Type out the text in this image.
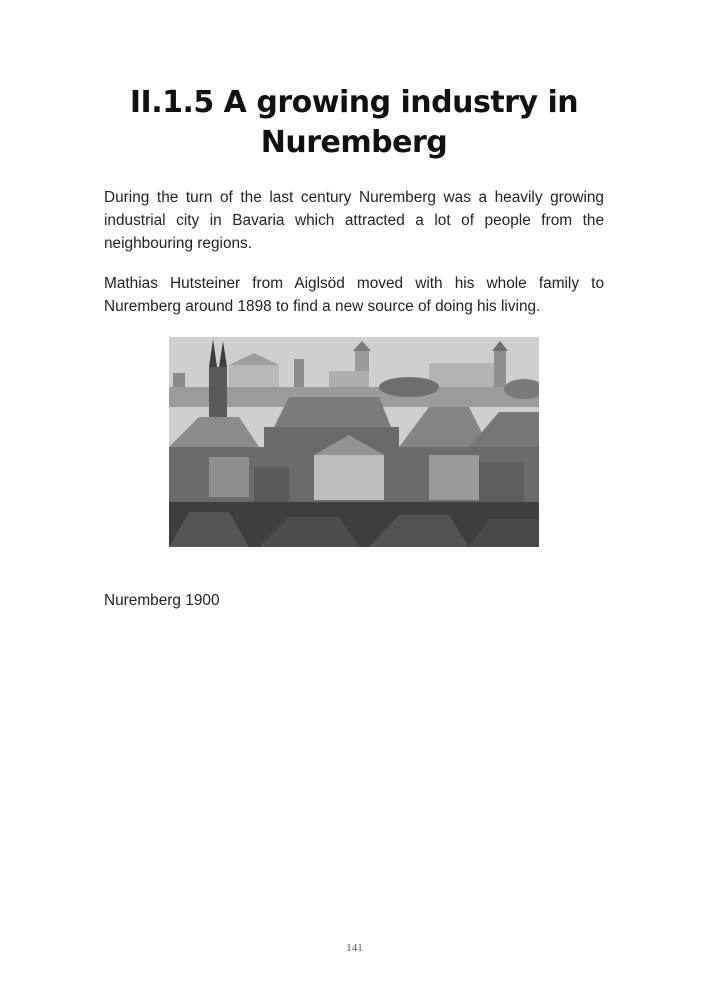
II.1.5 A growing industry in Nuremberg

During the turn of the last century Nuremberg was a heavily growing industrial city in Bavaria which attracted a lot of people from the neighbouring regions.

Mathias Hutsteiner from Aiglsöd moved with his whole family to Nuremberg around 1898 to find a new source of doing his living.

Nuremberg 1900

141
